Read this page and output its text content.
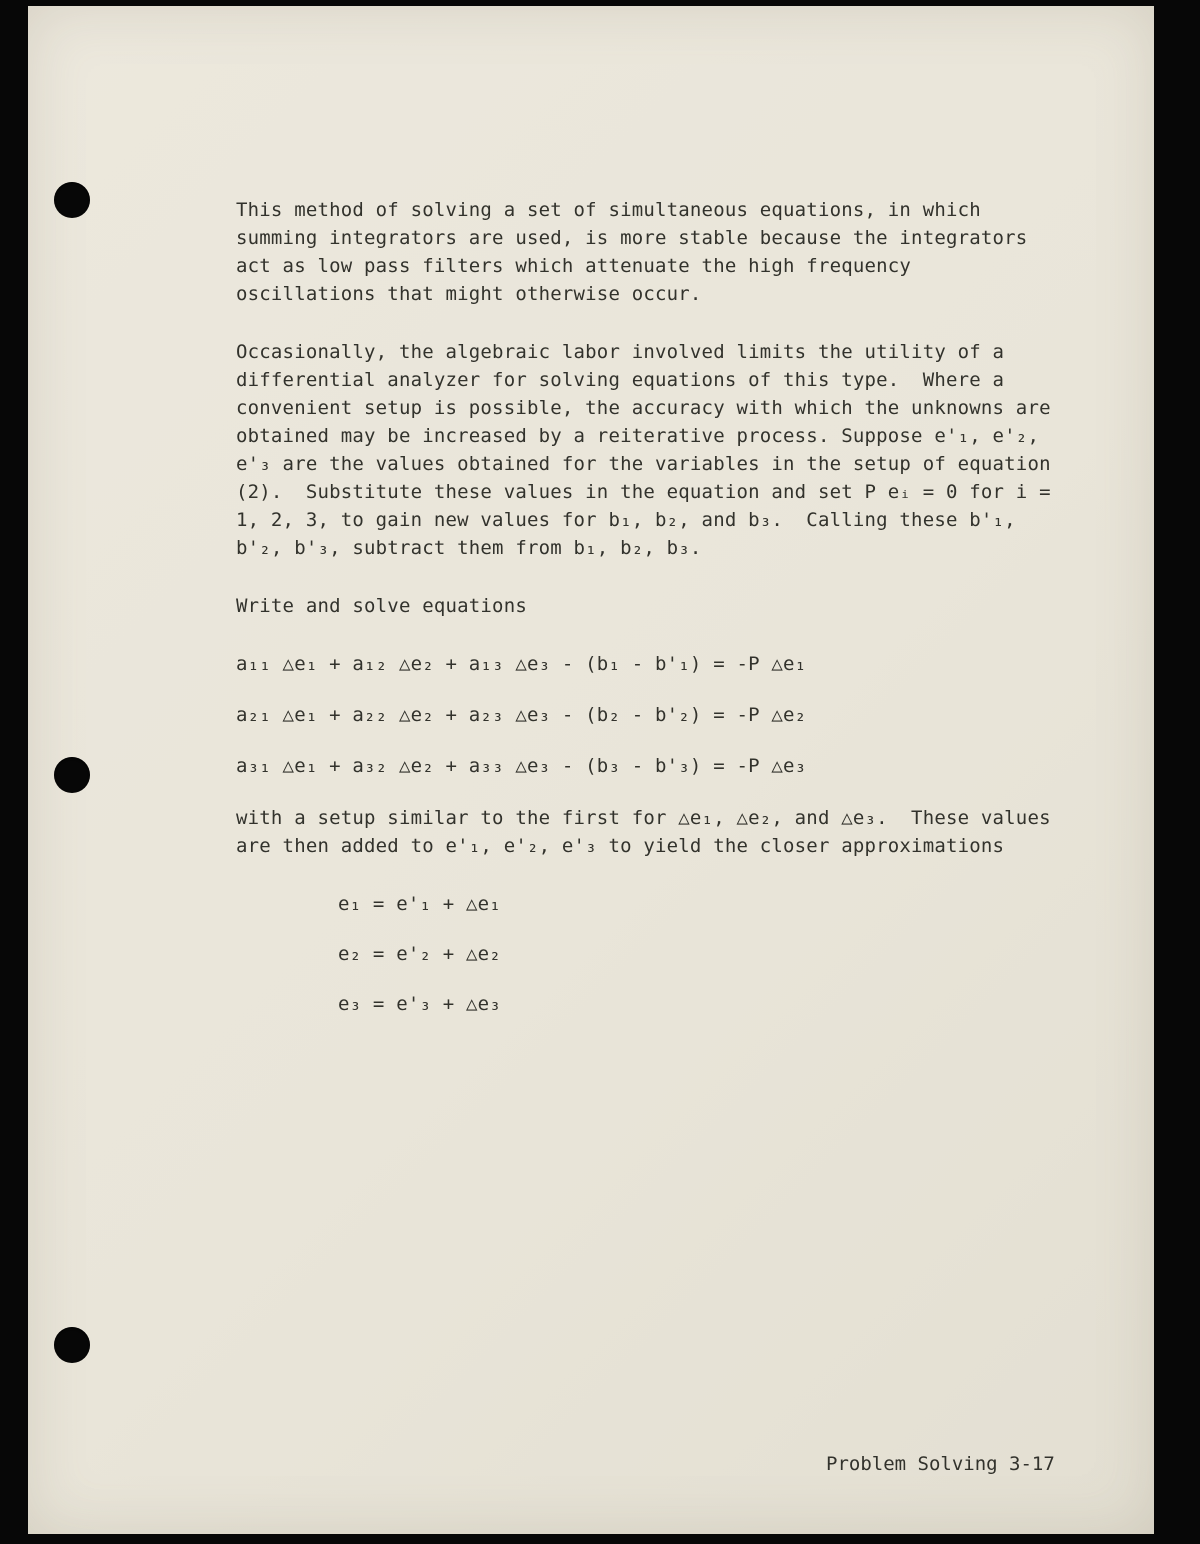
This method of solving a set of simultaneous equations, in which summing integrators are used, is more stable because the integrators act as low pass filters which attenuate the high frequency oscillations that might otherwise occur.

Occasionally, the algebraic labor involved limits the utility of a differential analyzer for solving equations of this type.  Where a convenient setup is possible, the accuracy with which the unknowns are obtained may be increased by a reiterative process. Suppose e'₁, e'₂, e'₃ are the values obtained for the variables in the setup of equation (2).  Substitute these values in the equation and set P eᵢ = 0 for i = 1, 2, 3, to gain new values for b₁, b₂, and b₃.  Calling these b'₁, b'₂, b'₃, subtract them from b₁, b₂, b₃.

Write and solve equations

a₁₁ △e₁ + a₁₂ △e₂ + a₁₃ △e₃ - (b₁ - b'₁) = -P △e₁
a₂₁ △e₁ + a₂₂ △e₂ + a₂₃ △e₃ - (b₂ - b'₂) = -P △e₂
a₃₁ △e₁ + a₃₂ △e₂ + a₃₃ △e₃ - (b₃ - b'₃) = -P △e₃

with a setup similar to the first for △e₁, △e₂, and △e₃.  These values are then added to e'₁, e'₂, e'₃ to yield the closer approximations

e₁ = e'₁ + △e₁
e₂ = e'₂ + △e₂
e₃ = e'₃ + △e₃
Problem Solving 3-17
